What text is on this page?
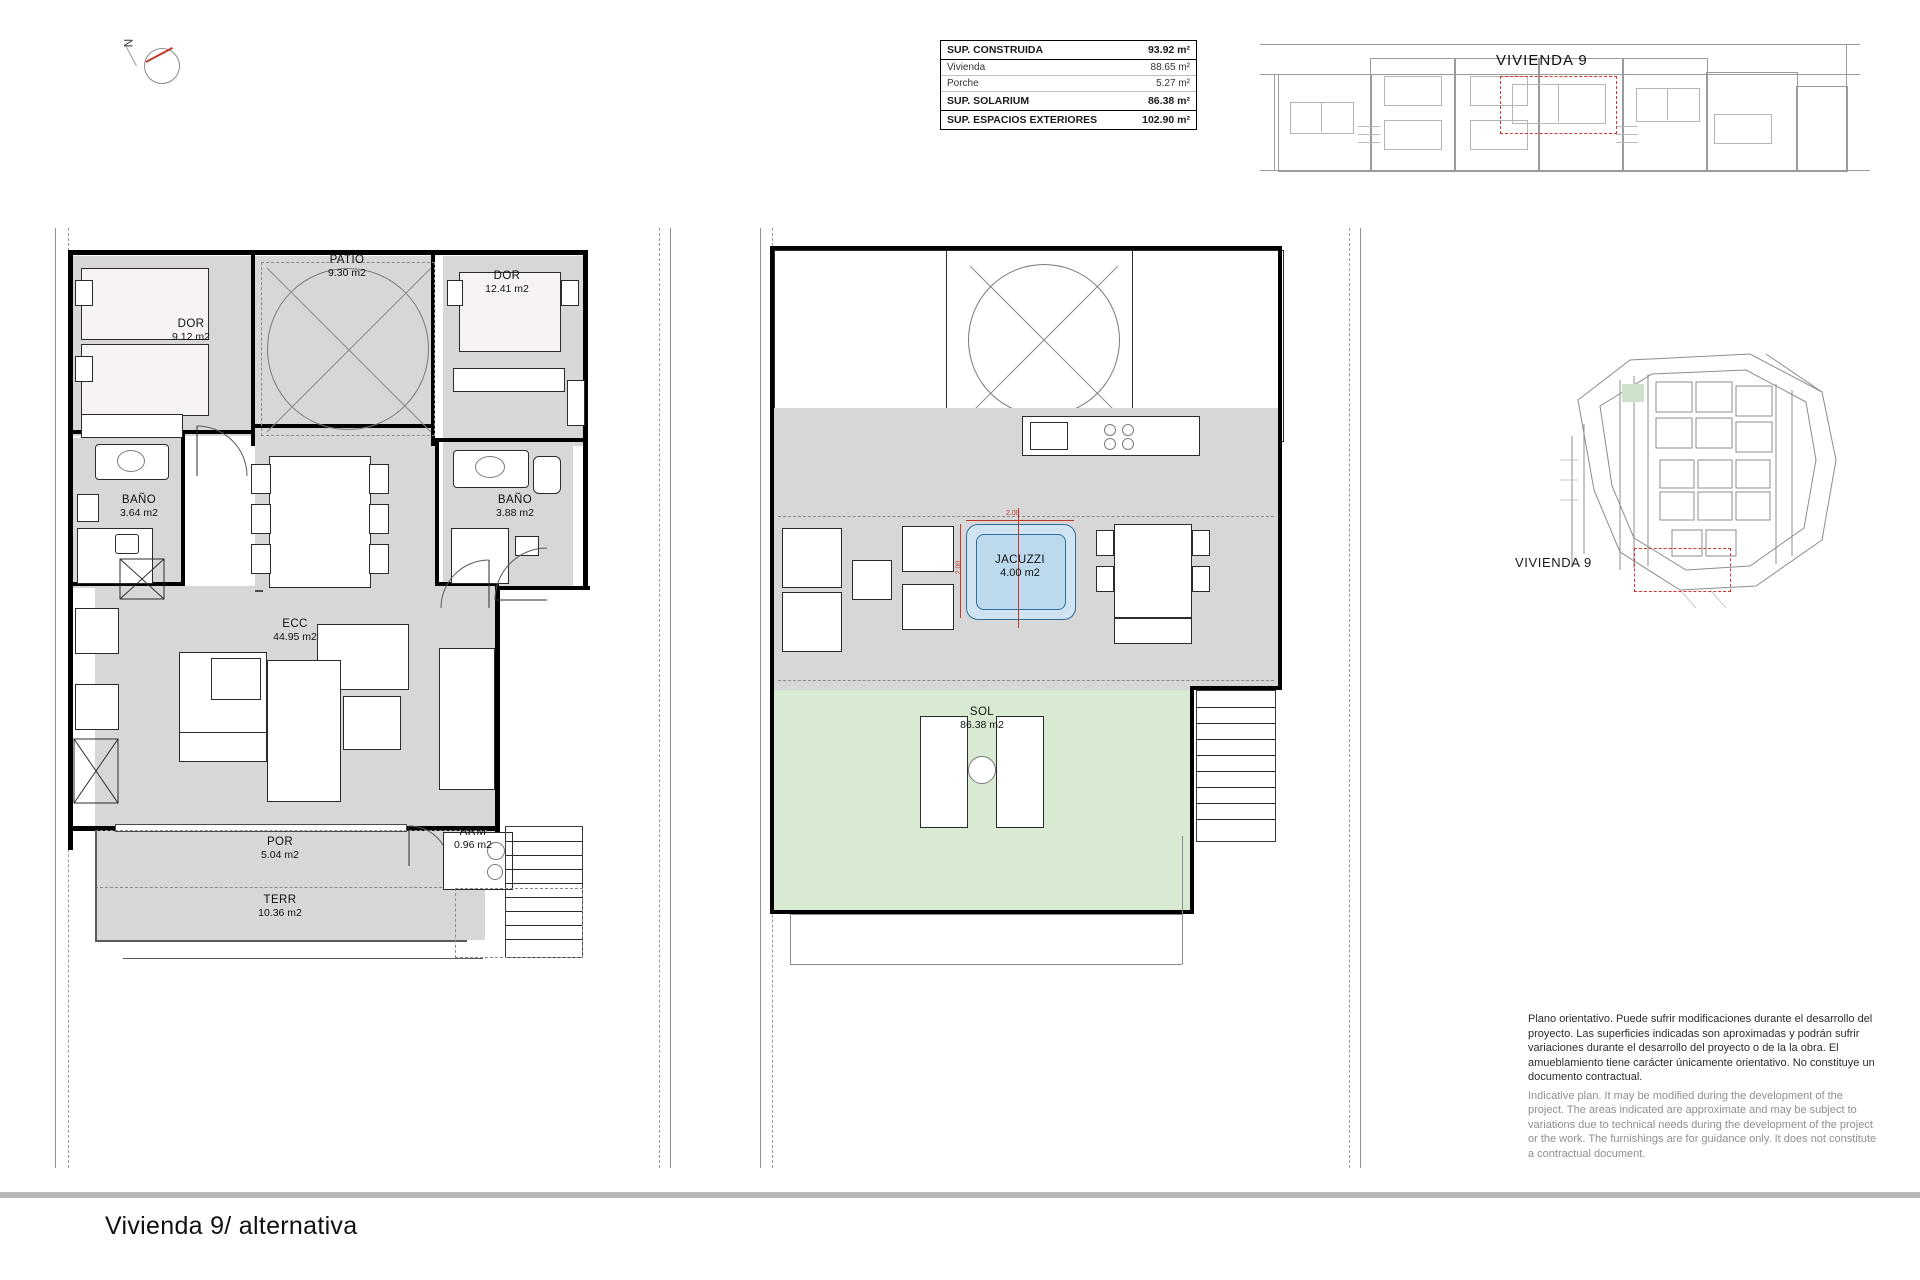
N
SUP. CONSTRUIDA	93.92 m²
Vivienda	88.65 m²
Porche	5.27 m²
SUP. SOLARIUM	86.38 m²
SUP. ESPACIOS EXTERIORES	102.90 m²
VIVIENDA 9
VIVIENDA 9
DOR
9.12 m2
PATIO
9.30 m2	DOR
12.41 m2
BAÑO
3.64 m2
BAÑO
3.88 m2
ECC
44.95 m2
ARM
0.96 m2
POR
5.04 m2
TERR
10.36 m2
2.00
2.00
JACUZZI
4.00 m2
SOL
86.38 m2
Plano orientativo. Puede sufrir modificaciones durante el desarrollo del proyecto. Las superficies indicadas son aproximadas y podrán sufrir variaciones durante el desarrollo del proyecto o de la la obra. El amueblamiento tiene carácter únicamente orientativo. No constituye un documento contractual.
Indicative plan. It may be modified during the development of the project. The areas indicated are approximate and may be subject to variations due to technical needs during the development of the project or the work. The furnishings are for guidance only. It does not constitute a contractual document.
Vivienda 9/ alternativa
